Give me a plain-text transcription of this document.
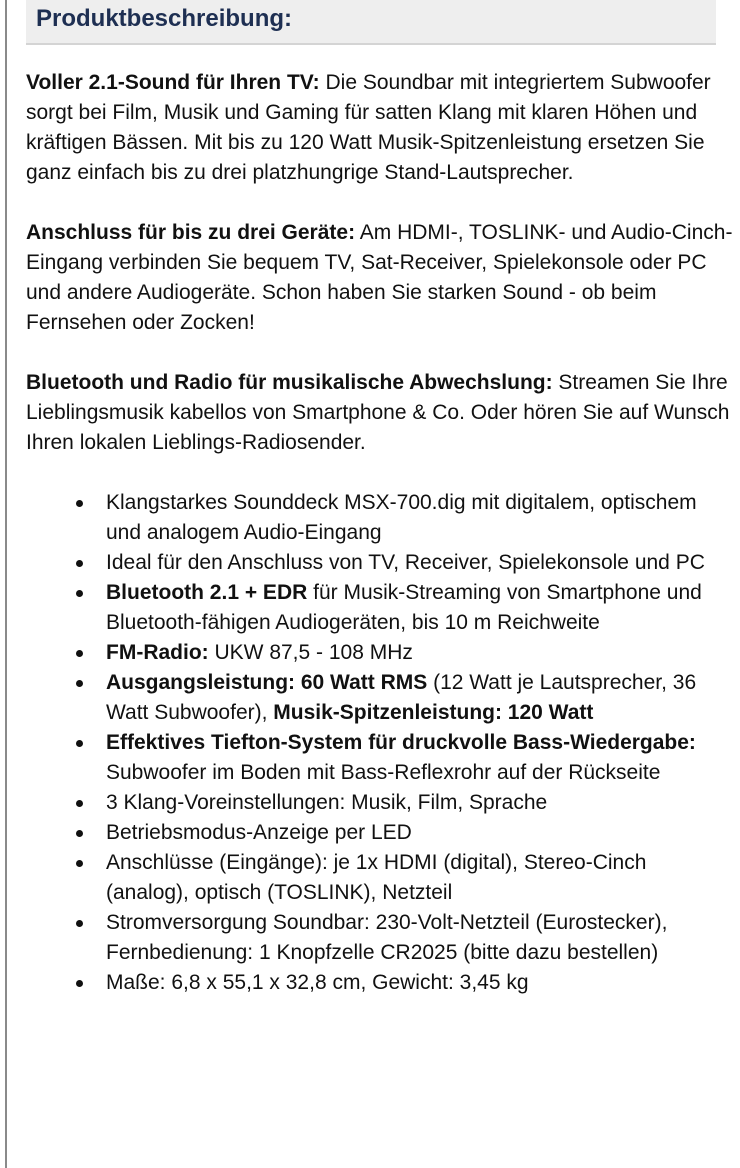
Produktbeschreibung:

Voller 2.1-Sound für Ihren TV: Die Soundbar mit integriertem Subwoofer sorgt bei Film, Musik und Gaming für satten Klang mit klaren Höhen und kräftigen Bässen. Mit bis zu 120 Watt Musik-Spitzenleistung ersetzen Sie ganz einfach bis zu drei platzhungrige Stand-Lautsprecher.

Anschluss für bis zu drei Geräte: Am HDMI-, TOSLINK- und Audio-Cinch-Eingang verbinden Sie bequem TV, Sat-Receiver, Spielekonsole oder PC und andere Audiogeräte. Schon haben Sie starken Sound - ob beim Fernsehen oder Zocken!

Bluetooth und Radio für musikalische Abwechslung: Streamen Sie Ihre Lieblingsmusik kabellos von Smartphone & Co. Oder hören Sie auf Wunsch Ihren lokalen Lieblings-Radiosender.

Klangstarkes Sounddeck MSX-700.dig mit digitalem, optischem und analogem Audio-Eingang
Ideal für den Anschluss von TV, Receiver, Spielekonsole und PC
Bluetooth 2.1 + EDR für Musik-Streaming von Smartphone und Bluetooth-fähigen Audiogeräten, bis 10 m Reichweite
FM-Radio: UKW 87,5 - 108 MHz
Ausgangsleistung: 60 Watt RMS (12 Watt je Lautsprecher, 36 Watt Subwoofer), Musik-Spitzenleistung: 120 Watt
Effektives Tiefton-System für druckvolle Bass-Wiedergabe: Subwoofer im Boden mit Bass-Reflexrohr auf der Rückseite
3 Klang-Voreinstellungen: Musik, Film, Sprache
Betriebsmodus-Anzeige per LED
Anschlüsse (Eingänge): je 1x HDMI (digital), Stereo-Cinch (analog), optisch (TOSLINK), Netzteil
Stromversorgung Soundbar: 230-Volt-Netzteil (Eurostecker), Fernbedienung: 1 Knopfzelle CR2025 (bitte dazu bestellen)
Maße: 6,8 x 55,1 x 32,8 cm, Gewicht: 3,45 kg
